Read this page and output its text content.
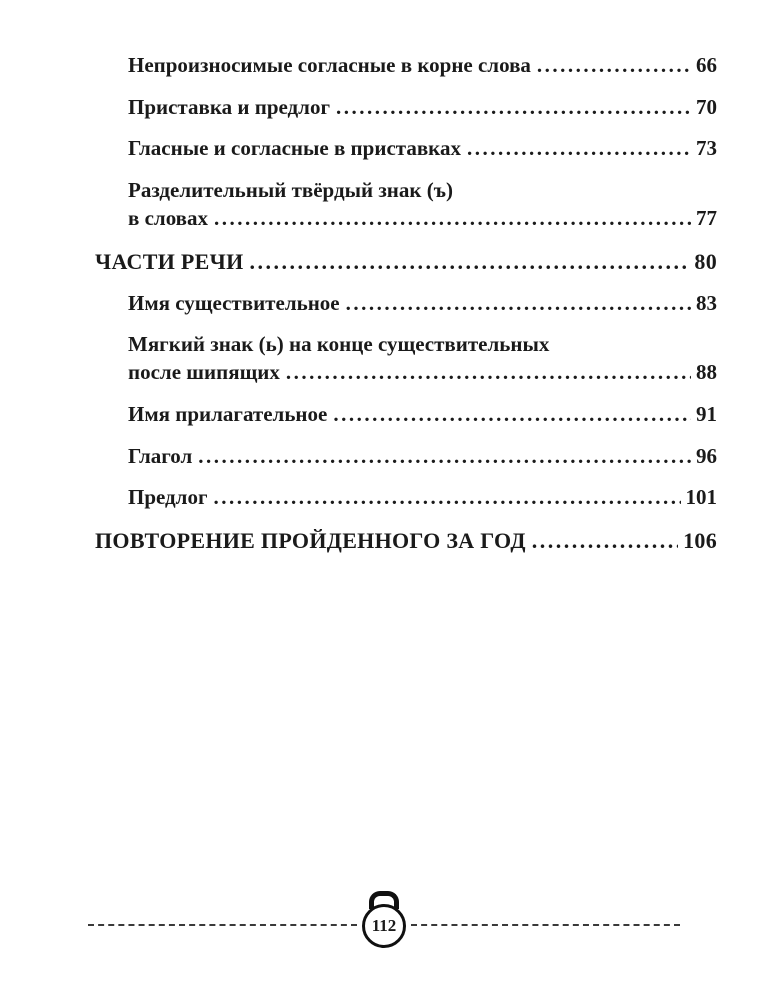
Непроизносимые согласные в корне слова .....	66
Приставка и предлог .....	70
Гласные и согласные в приставках .....	73
Разделительный твёрдый знак (ъ)
в словах .....	77
ЧАСТИ РЕЧИ .....	80
Имя существительное .....	83
Мягкий знак (ь) на конце существительных
после шипящих .....	88
Имя прилагательное .....	91
Глагол .....	96
Предлог .....	101
ПОВТОРЕНИЕ ПРОЙДЕННОГО ЗА ГОД .....	106
112
